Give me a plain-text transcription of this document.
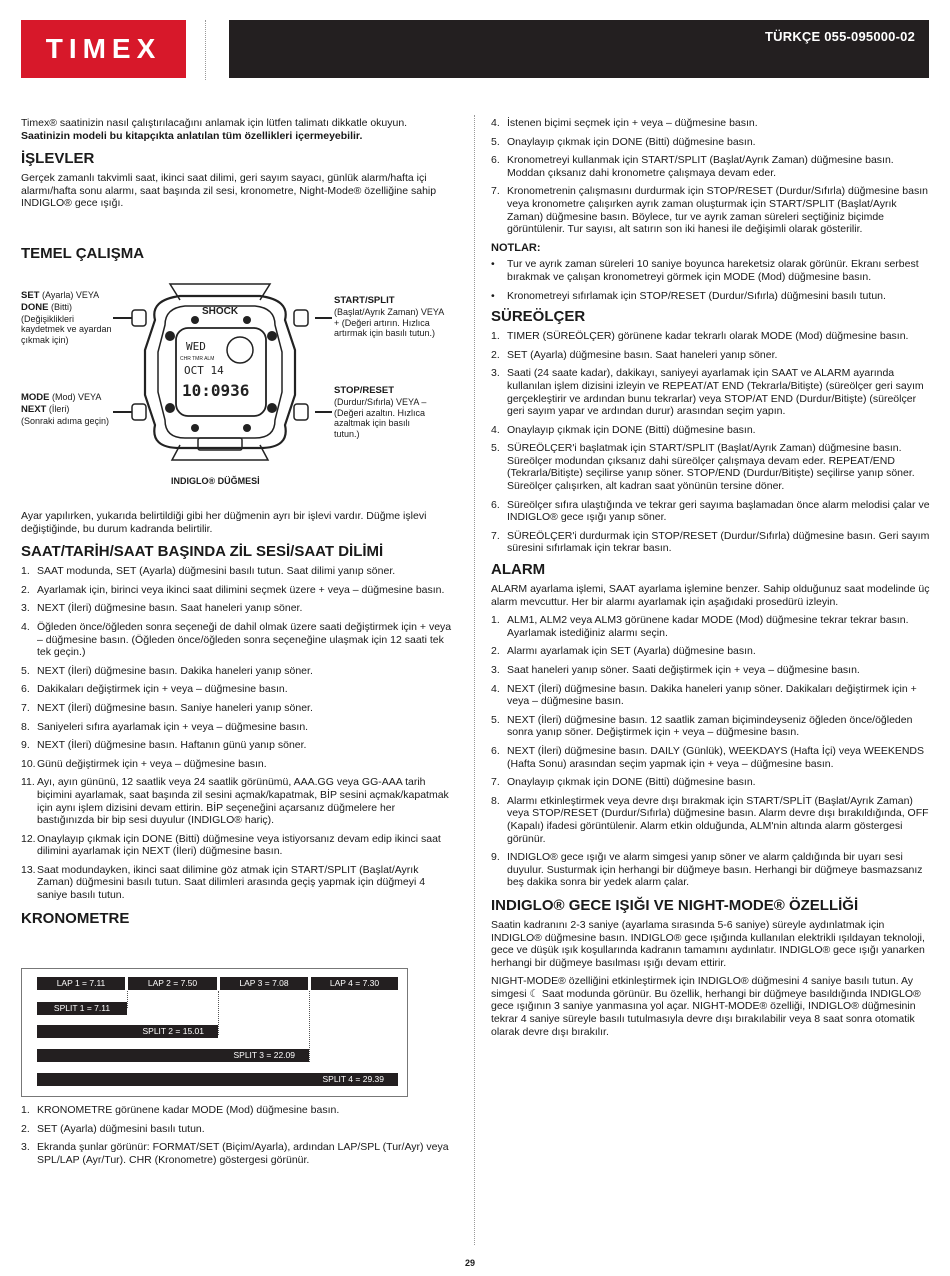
TIMEX	TÜRKÇE 055-095000-02

Timex® saatinizin nasıl çalıştırılacağını anlamak için lütfen talimatı dikkatle okuyun.

Saatinizin modeli bu kitapçıkta anlatılan tüm özellikleri içermeyebilir.

İŞLEVLER

Gerçek zamanlı takvimli saat, ikinci saat dilimi, geri sayım sayacı, günlük alarm/hafta içi alarmı/hafta sonu alarmı, saat başında zil sesi, kronometre, Night-Mode® özelliğine sahip INDIGLO® gece ışığı.

TEMEL ÇALIŞMA
SET (Ayarla) VEYA
DONE (Bitti)
(Değişiklikleri kaydetmek ve ayardan çıkmak için)
MODE (Mod) VEYA
NEXT (İleri)
(Sonraki adıma geçin)
START/SPLIT
(Başlat/Ayrık Zaman) VEYA + (Değeri artırın. Hızlıca artırmak için basılı tutun.)
STOP/RESET
(Durdur/Sıfırla) VEYA – (Değeri azaltın. Hızlıca azaltmak için basılı tutun.)
INDIGLO® DÜĞMESİ
SHOCK
WED
CHR TMR ALM
OCT 14
10:0936

Ayar yapılırken, yukarıda belirtildiği gibi her düğmenin ayrı bir işlevi vardır. Düğme işlevi değiştiğinde, bu durum kadranda belirtilir.

SAAT/TARİH/SAAT BAŞINDA ZİL SESİ/SAAT DİLİMİ
1. SAAT modunda, SET (Ayarla) düğmesini basılı tutun. Saat dilimi yanıp söner.
2. Ayarlamak için, birinci veya ikinci saat dilimini seçmek üzere + veya – düğmesine basın.
3. NEXT (İleri) düğmesine basın. Saat haneleri yanıp söner.
4. Öğleden önce/öğleden sonra seçeneği de dahil olmak üzere saati değiştirmek için + veya – düğmesine basın. (Öğleden önce/öğleden sonra seçeneğine ulaşmak için 12 saati tek tek geçin.)
5. NEXT (İleri) düğmesine basın. Dakika haneleri yanıp söner.
6. Dakikaları değiştirmek için + veya – düğmesine basın.
7. NEXT (İleri) düğmesine basın. Saniye haneleri yanıp söner.
8. Saniyeleri sıfıra ayarlamak için + veya – düğmesine basın.
9. NEXT (İleri) düğmesine basın. Haftanın günü yanıp söner.
10. Günü değiştirmek için + veya – düğmesine basın.
11. Ayı, ayın gününü, 12 saatlik veya 24 saatlik görünümü, AAA.GG veya GG-AAA tarih biçimini ayarlamak, saat başında zil sesini açmak/kapatmak, BİP sesini açmak/kapatmak için aynı işlem dizisini devam ettirin. BİP seçeneğini açarsanız düğmelere her bastığınızda bir bip sesi duyulur (INDIGLO® hariç).
12. Onaylayıp çıkmak için DONE (Bitti) düğmesine veya istiyorsanız devam edip ikinci saat dilimini ayarlamak için NEXT (İleri) düğmesine basın.
13. Saat modundayken, ikinci saat dilimine göz atmak için START/SPLIT (Başlat/Ayrık Zaman) düğmesini basılı tutun. Saat dilimleri arasında geçiş yapmak için düğmeyi 4 saniye basılı tutun.
KRONOMETRE
LAP 1 = 7.11	LAP 2 = 7.50	LAP 3 = 7.08	LAP 4 = 7.30
SPLIT 1 = 7.11
SPLIT 2 = 15.01
SPLIT 3 = 22.09
SPLIT 4 = 29.39
1. KRONOMETRE görünene kadar MODE (Mod) düğmesine basın.
2. SET (Ayarla) düğmesini basılı tutun.
3. Ekranda şunlar görünür: FORMAT/SET (Biçim/Ayarla), ardından LAP/SPL (Tur/Ayr) veya SPL/LAP (Ayr/Tur). CHR (Kronometre) göstergesi görünür.
4. İstenen biçimi seçmek için + veya – düğmesine basın.
5. Onaylayıp çıkmak için DONE (Bitti) düğmesine basın.
6. Kronometreyi kullanmak için START/SPLIT (Başlat/Ayrık Zaman) düğmesine basın. Moddan çıksanız dahi kronometre çalışmaya devam eder.
7. Kronometrenin çalışmasını durdurmak için STOP/RESET (Durdur/Sıfırla) düğmesine basın veya kronometre çalışırken ayrık zaman oluşturmak için START/SPLIT (Başlat/Ayrık Zaman) düğmesine basın. Böylece, tur ve ayrık zaman süreleri seçtiğiniz biçimde görüntülenir. Tur sayısı, alt satırın son iki hanesi ile değişimli olarak gösterilir.
NOTLAR:
•	Tur ve ayrık zaman süreleri 10 saniye boyunca hareketsiz olarak görünür. Ekranı serbest bırakmak ve çalışan kronometreyi görmek için MODE (Mod) düğmesine basın.
•	Kronometreyi sıfırlamak için STOP/RESET (Durdur/Sıfırla) düğmesini basılı tutun.
SÜREÖLÇER
1. TIMER (SÜREÖLÇER) görünene kadar tekrarlı olarak MODE (Mod) düğmesine basın.
2. SET (Ayarla) düğmesine basın. Saat haneleri yanıp söner.
3. Saati (24 saate kadar), dakikayı, saniyeyi ayarlamak için SAAT ve ALARM ayarında kullanılan işlem dizisini izleyin ve REPEAT/AT END (Tekrarla/Bitişte) (süreölçer geri sayım gerçekleştirir ve ardından bunu tekrarlar) veya STOP/AT END (Durdur/Bitişte) (süreölçer geri sayım yapar ve ardından durur) arasından seçim yapın.
4. Onaylayıp çıkmak için DONE (Bitti) düğmesine basın.
5. SÜREÖLÇER'i başlatmak için START/SPLIT (Başlat/Ayrık Zaman) düğmesine basın. Süreölçer modundan çıksanız dahi süreölçer çalışmaya devam eder. REPEAT/END (Tekrarla/Bitişte) seçilirse yanıp söner. STOP/END (Durdur/Bitişte) seçilirse yanıp söner. Süreölçer çalışırken, alt kadran saat yönünün tersine döner.
6. Süreölçer sıfıra ulaştığında ve tekrar geri sayıma başlamadan önce alarm melodisi çalar ve INDIGLO® gece ışığı yanıp söner.
7. SÜREÖLÇER'i durdurmak için STOP/RESET (Durdur/Sıfırla) düğmesine basın. Geri sayım süresini sıfırlamak için tekrar basın.
ALARM

ALARM ayarlama işlemi, SAAT ayarlama işlemine benzer. Sahip olduğunuz saat modelinde üç alarm mevcuttur. Her bir alarmı ayarlamak için aşağıdaki prosedürü izleyin.

1. ALM1, ALM2 veya ALM3 görünene kadar MODE (Mod) düğmesine tekrar tekrar basın. Ayarlamak istediğiniz alarmı seçin.
2. Alarmı ayarlamak için SET (Ayarla) düğmesine basın.
3. Saat haneleri yanıp söner. Saati değiştirmek için + veya – düğmesine basın.
4. NEXT (İleri) düğmesine basın. Dakika haneleri yanıp söner. Dakikaları değiştirmek için + veya – düğmesine basın.
5. NEXT (İleri) düğmesine basın. 12 saatlik zaman biçimindeyseniz öğleden önce/öğleden sonra yanıp söner. Değiştirmek için + veya – düğmesine basın.
6. NEXT (İleri) düğmesine basın. DAILY (Günlük), WEEKDAYS (Hafta İçi) veya WEEKENDS (Hafta Sonu) arasından seçim yapmak için + veya – düğmesine basın.
7. Onaylayıp çıkmak için DONE (Bitti) düğmesine basın.
8. Alarmı etkinleştirmek veya devre dışı bırakmak için START/SPLİT (Başlat/Ayrık Zaman) veya STOP/RESET (Durdur/Sıfırla) düğmesine basın. Alarm devre dışı bırakıldığında, OFF (Kapalı) ifadesi görüntülenir. Alarm etkin olduğunda, ALM'nin altında alarm göstergesi görünür.
9. INDIGLO® gece ışığı ve alarm simgesi yanıp söner ve alarm çaldığında bir uyarı sesi duyulur. Susturmak için herhangi bir düğmeye basın. Herhangi bir düğmeye basmazsanız beş dakika sonra bir yedek alarm çalar.
INDIGLO® GECE IŞIĞI VE NIGHT-MODE® ÖZELLİĞİ

Saatin kadranını 2-3 saniye (ayarlama sırasında 5-6 saniye) süreyle aydınlatmak için INDIGLO® düğmesine basın. INDIGLO® gece ışığında kullanılan elektrikli ışıldayan teknoloji, gece ve düşük ışık koşullarında kadranın tamamını aydınlatır. INDIGLO® gece ışığı yanarken herhangi bir düğmeye basılması ışığı devam ettirir.

NIGHT-MODE® özelliğini etkinleştirmek için INDIGLO® düğmesini 4 saniye basılı tutun. Ay simgesi ☾ Saat modunda görünür. Bu özellik, herhangi bir düğmeye basıldığında INDIGLO® gece ışığının 3 saniye yanmasına yol açar. NIGHT-MODE® özelliği, INDIGLO® düğmesinin tekrar 4 saniye süreyle basılı tutulmasıyla devre dışı bırakılabilir veya 8 saat sonra otomatik olarak devre dışı bırakılır.

29
